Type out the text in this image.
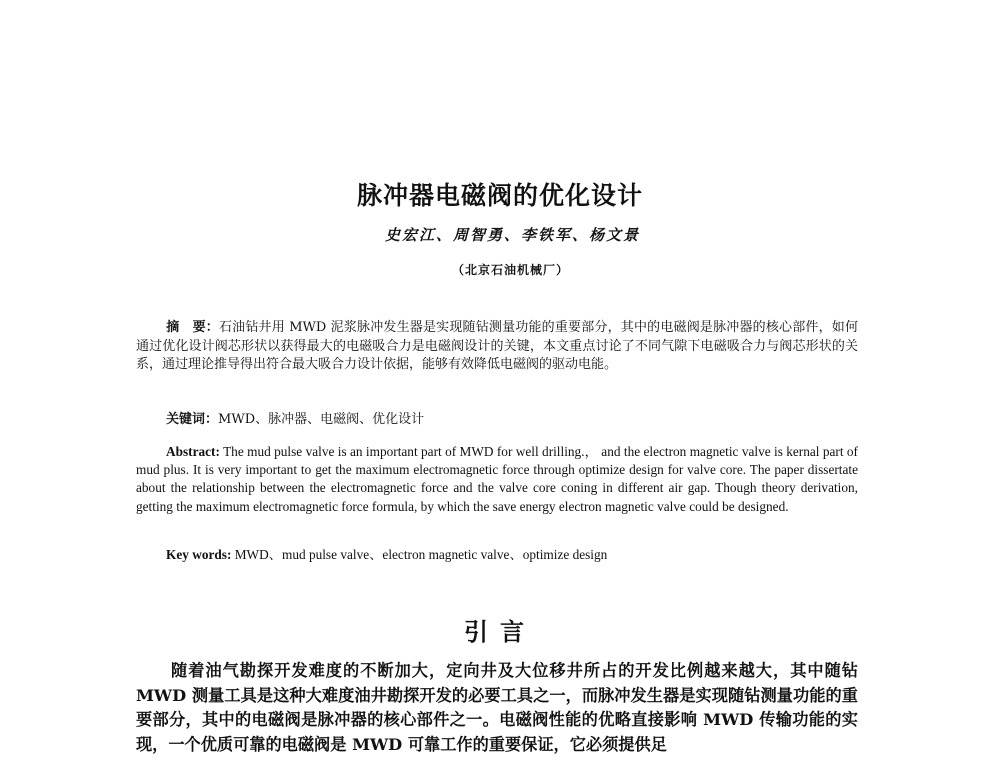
脉冲器电磁阀的优化设计
史宏江、周智勇、李铁军、杨文景
（北京石油机械厂）
摘　要：石油钻井用 MWD 泥浆脉冲发生器是实现随钻测量功能的重要部分，其中的电磁阀是脉冲器的核心部件，如何通过优化设计阀芯形状以获得最大的电磁吸合力是电磁阀设计的关键，本文重点讨论了不同气隙下电磁吸合力与阀芯形状的关系，通过理论推导得出符合最大吸合力设计依据，能够有效降低电磁阀的驱动电能。
关键词：MWD、脉冲器、电磁阀、优化设计
Abstract: The mud pulse valve is an important part of MWD for well drilling.， and the electron magnetic valve is kernal part of mud plus. It is very important to get the maximum electromagnetic force through optimize design for valve core. The paper dissertate about the relationship between the electromagnetic force and the valve core coning in different air gap. Though theory derivation, getting the maximum electromagnetic force formula, by which the save energy electron magnetic valve could be designed.
Key words: MWD、mud pulse valve、electron magnetic valve、optimize design
引言
随着油气勘探开发难度的不断加大，定向井及大位移井所占的开发比例越来越大，其中随钻 MWD 测量工具是这种大难度油井勘探开发的必要工具之一，而脉冲发生器是实现随钻测量功能的重要部分，其中的电磁阀是脉冲器的核心部件之一。电磁阀性能的优略直接影响 MWD 传输功能的实现，一个优质可靠的电磁阀是 MWD 可靠工作的重要保证，它必须提供足
